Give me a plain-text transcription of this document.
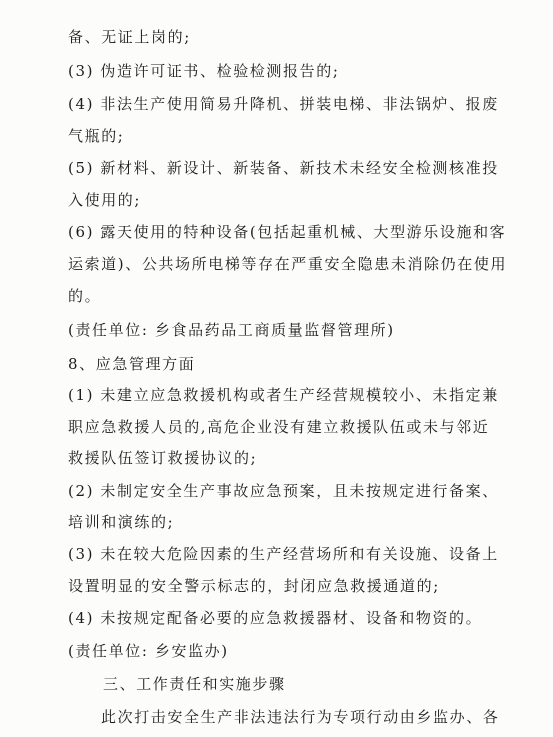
备、无证上岗的;
(3) 伪造许可证书、检验检测报告的;
(4) 非法生产使用简易升降机、拼装电梯、非法锅炉、报废
气瓶的;
(5) 新材料、新设计、新装备、新技术未经安全检测核准投
入使用的;
(6) 露天使用的特种设备(包括起重机械、大型游乐设施和客
运索道)、公共场所电梯等存在严重安全隐患未消除仍在使用
的。
(责任单位: 乡食品药品工商质量监督管理所)
8、应急管理方面
(1) 未建立应急救援机构或者生产经营规模较小、未指定兼
职应急救援人员的,高危企业没有建立救援队伍或未与邻近
救援队伍签订救援协议的;
(2) 未制定安全生产事故应急预案，且未按规定进行备案、
培训和演练的;
(3) 未在较大危险因素的生产经营场所和有关设施、设备上
设置明显的安全警示标志的，封闭应急救援通道的;
(4) 未按规定配备必要的应急救援器材、设备和物资的。
(责任单位: 乡安监办)
三、工作责任和实施步骤
此次打击安全生产非法违法行为专项行动由乡监办、各
